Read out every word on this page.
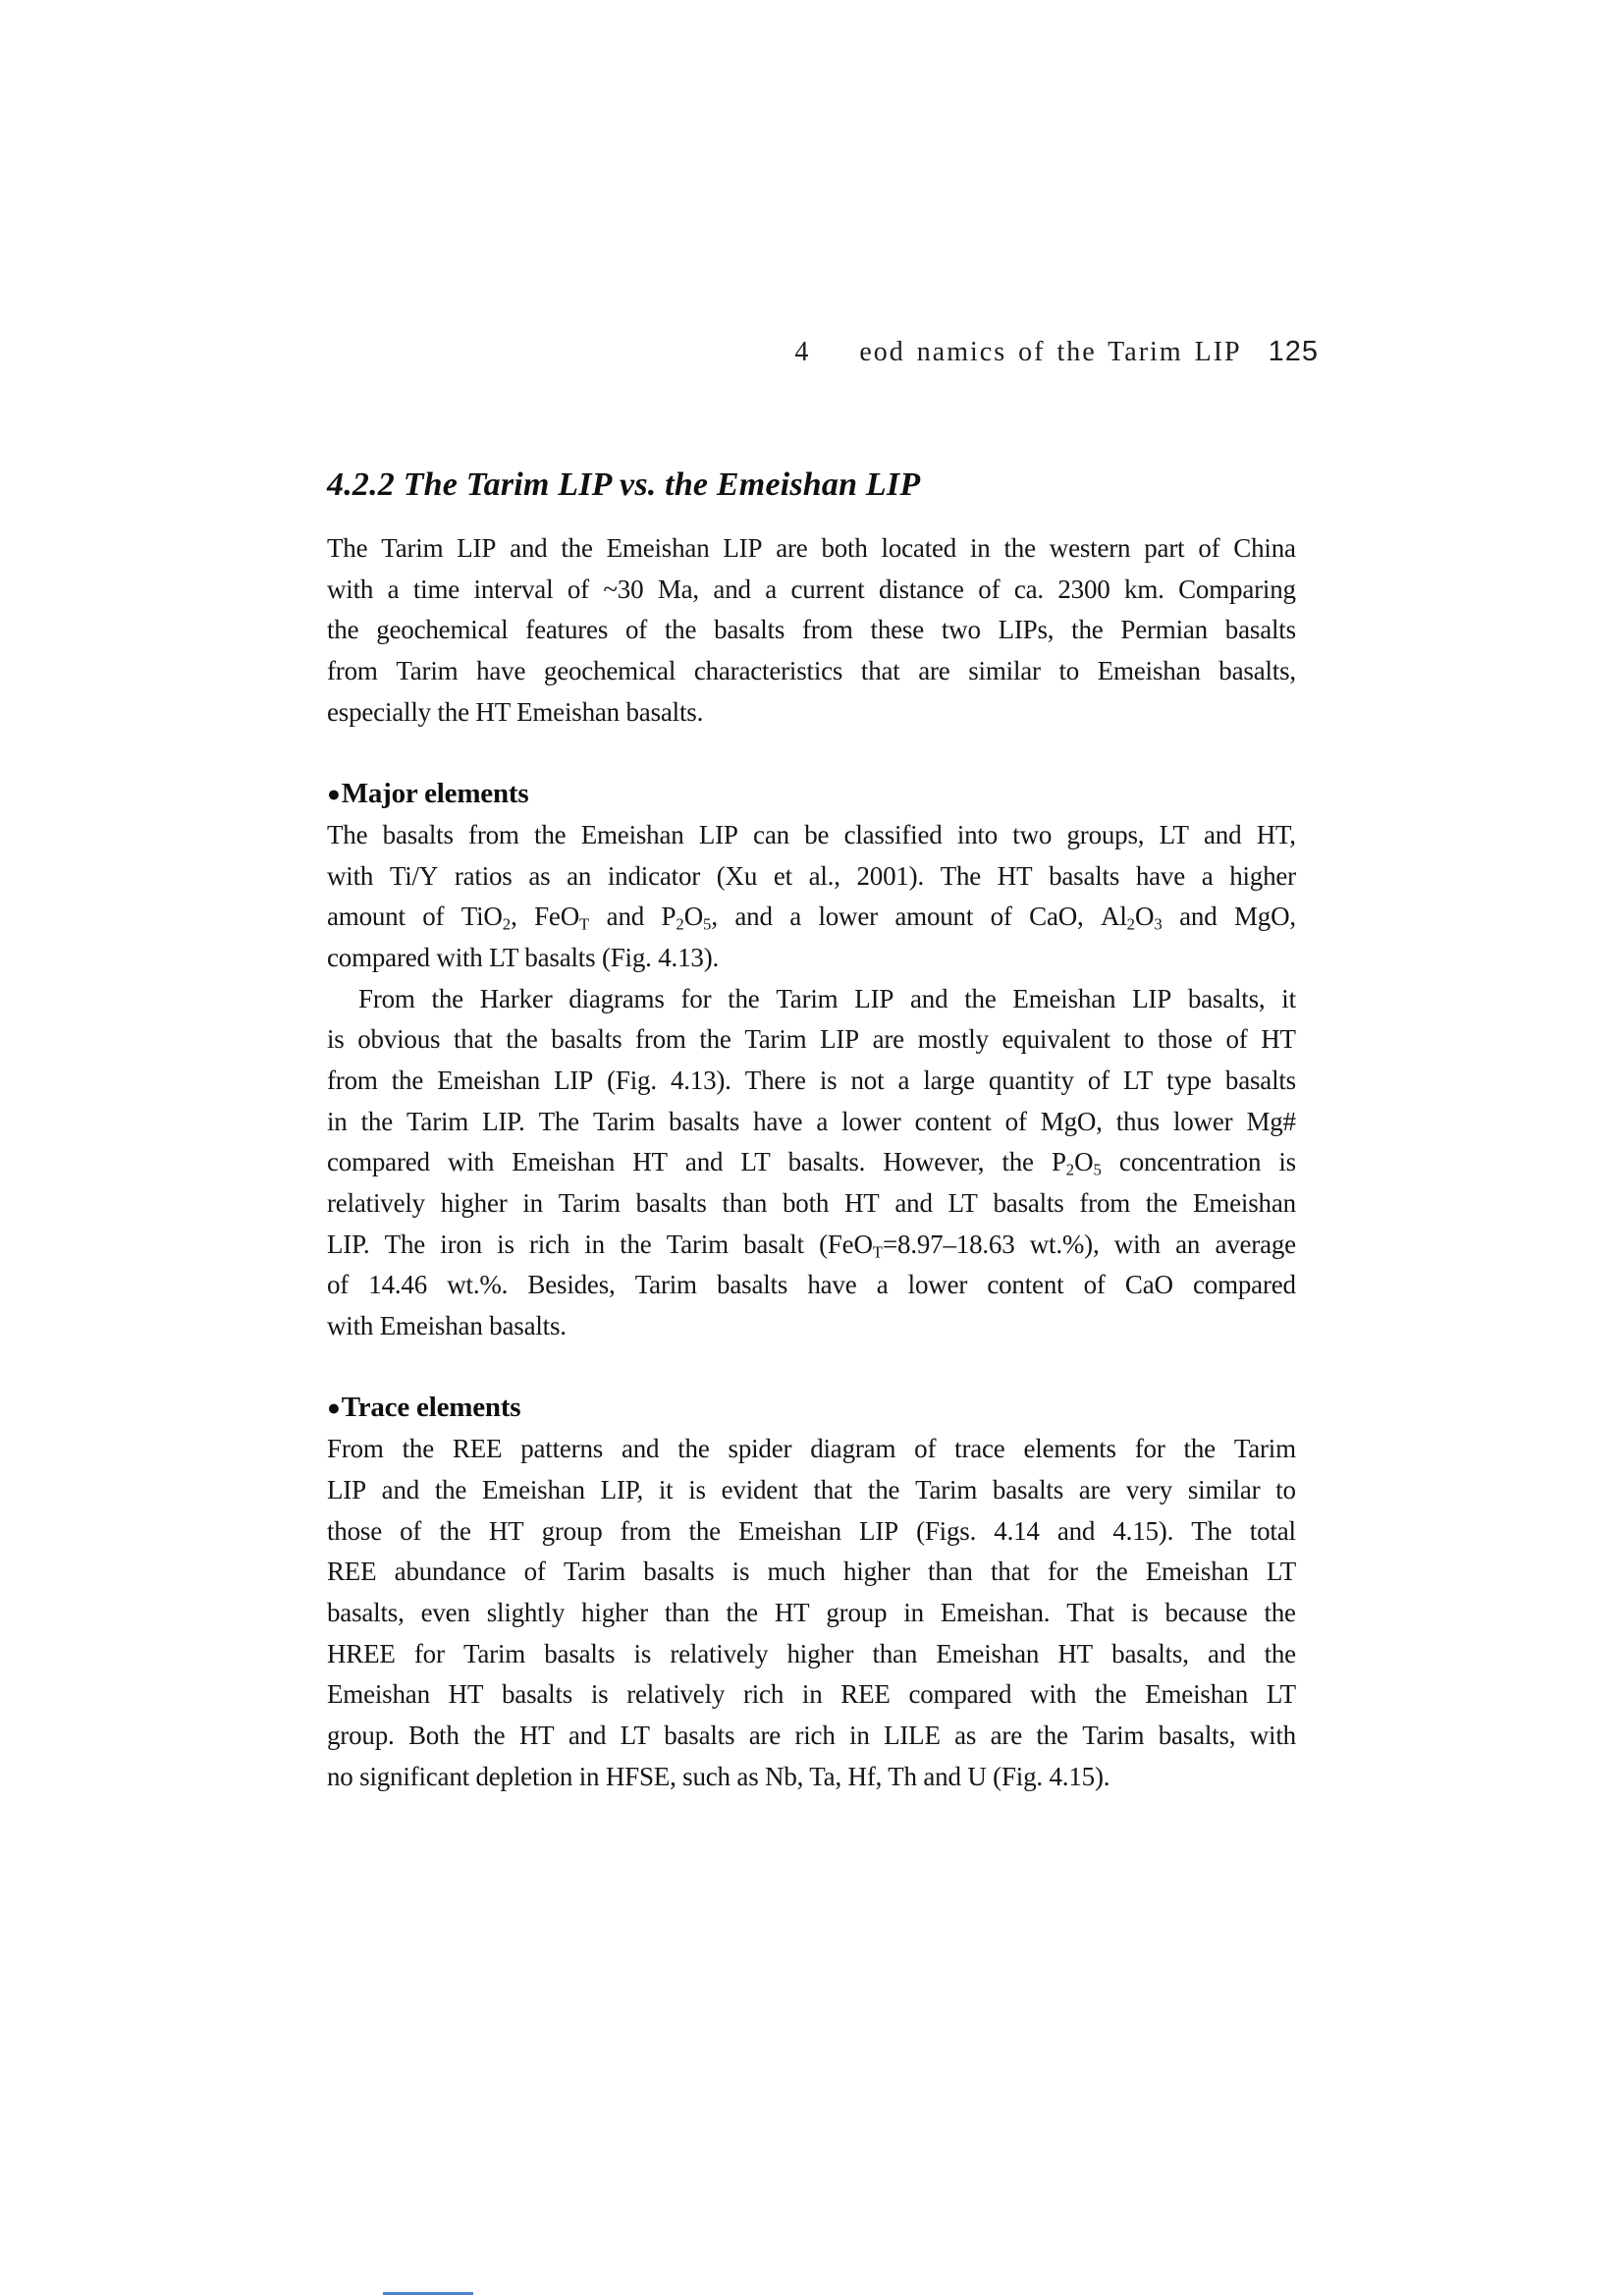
4 eod namics of the Tarim LIP 125
4.2.2 The Tarim LIP vs. the Emeishan LIP
The Tarim LIP and the Emeishan LIP are both located in the western part of China
with a time interval of ~30 Ma, and a current distance of ca. 2300 km. Comparing
the geochemical features of the basalts from these two LIPs, the Permian basalts
from Tarim have geochemical characteristics that are similar to Emeishan basalts,
especially the HT Emeishan basalts.
●Major elements
The basalts from the Emeishan LIP can be classified into two groups, LT and HT,
with Ti/Y ratios as an indicator (Xu et al., 2001). The HT basalts have a higher
amount of TiO$_2$, FeO$_T$ and $P_2O_5$, and a lower amount of CaO, $Al_2O_3$ and MgO,
compared with LT basalts (Fig. 4.13).
From the Harker diagrams for the Tarim LIP and the Emeishan LIP basalts, it
is obvious that the basalts from the Tarim LIP are mostly equivalent to those of HT
from the Emeishan LIP (Fig. 4.13). There is not a large quantity of LT type basalts
in the Tarim LIP. The Tarim basalts have a lower content of MgO, thus lower Mg#
compared with Emeishan HT and LT basalts. However, the $P_2O_5$ concentration is
relatively higher in Tarim basalts than both HT and LT basalts from the Emeishan
LIP. The iron is rich in the Tarim basalt (FeO$_T$=8.97–18.63 wt.%), with an average
of 14.46 wt.%. Besides, Tarim basalts have a lower content of CaO compared
with Emeishan basalts.
●Trace elements
From the REE patterns and the spider diagram of trace elements for the Tarim
LIP and the Emeishan LIP, it is evident that the Tarim basalts are very similar to
those of the HT group from the Emeishan LIP (Figs. 4.14 and 4.15). The total
REE abundance of Tarim basalts is much higher than that for the Emeishan LT
basalts, even slightly higher than the HT group in Emeishan. That is because the
HREE for Tarim basalts is relatively higher than Emeishan HT basalts, and the
Emeishan HT basalts is relatively rich in REE compared with the Emeishan LT
group. Both the HT and LT basalts are rich in LILE as are the Tarim basalts, with
no significant depletion in HFSE, such as Nb, Ta, Hf, Th and U (Fig. 4.15).
